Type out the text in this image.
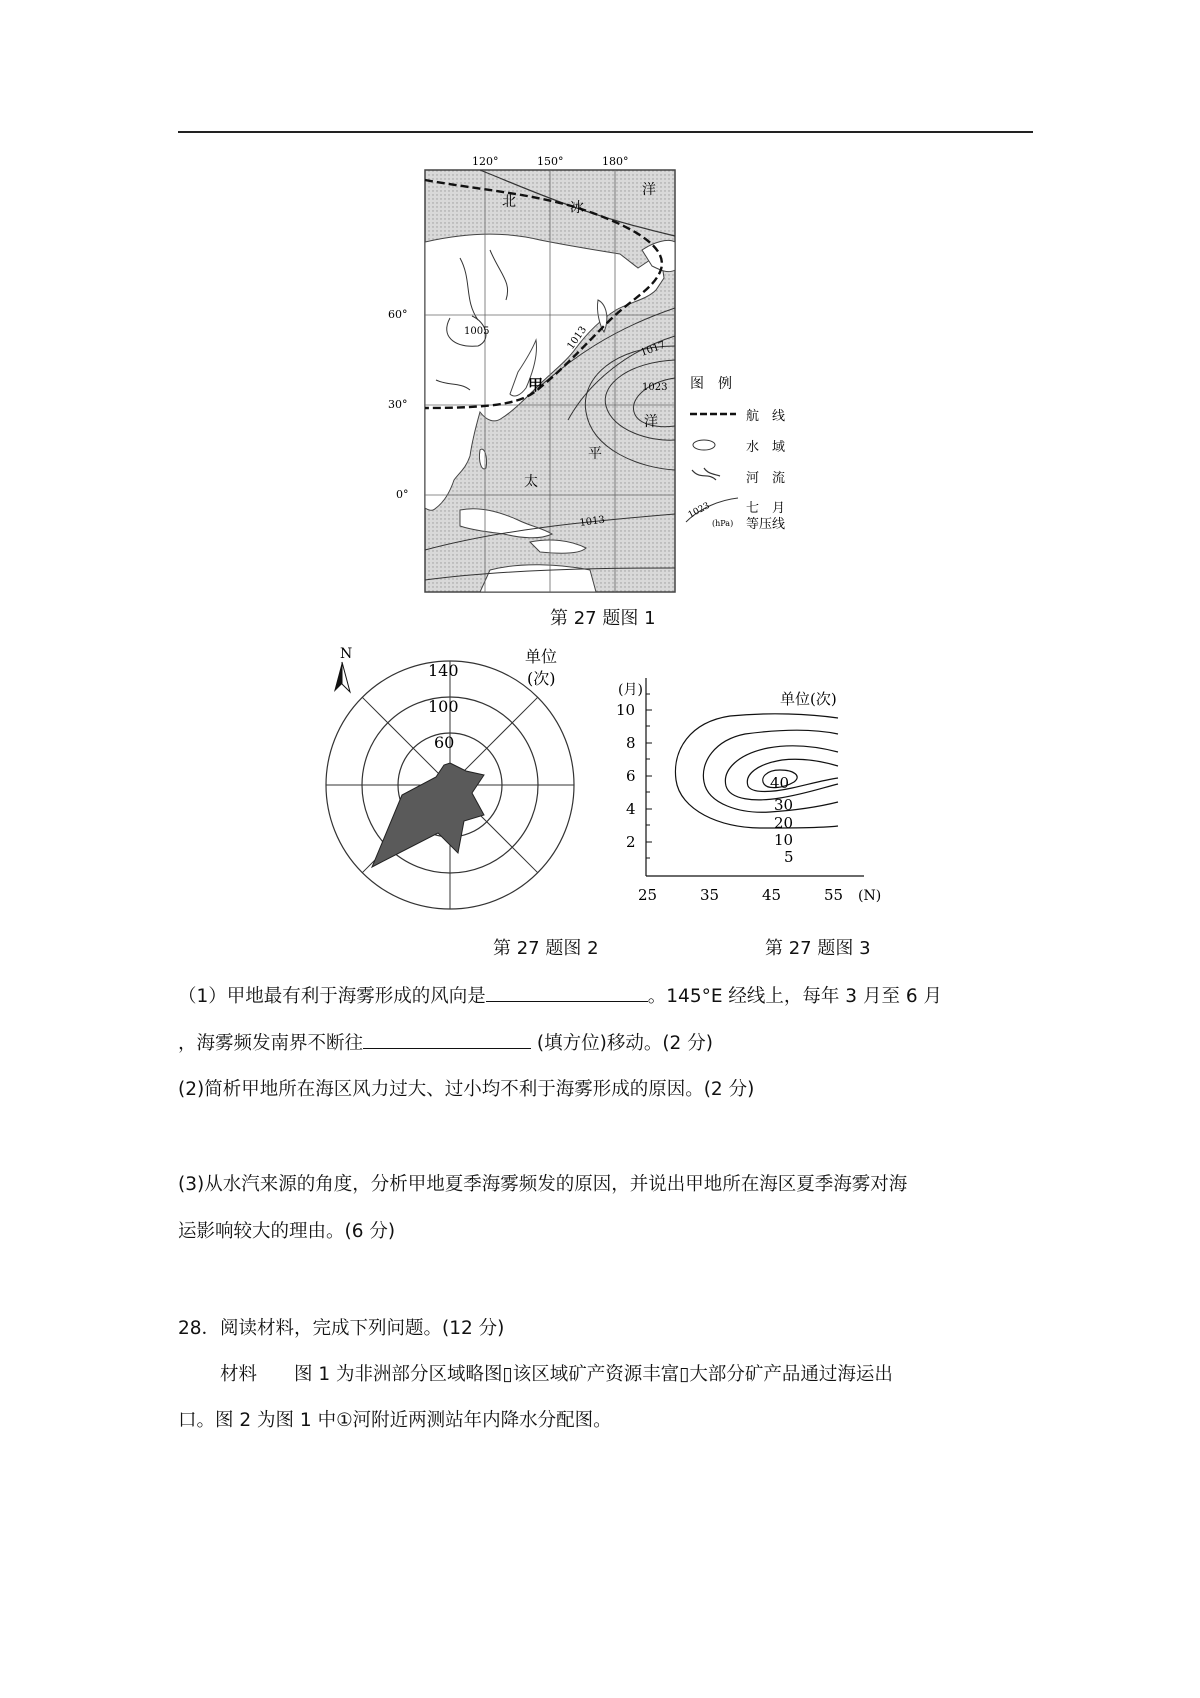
120°	150°	180°
60°
30°
0°
北	冰
洋
洋
平
太
1005	1013	1017
1023
1013
甲	图　例
航　线
水　域
河　流
1023
(hPa)
七　月
等压线
第 27 题图 1
140
100
60
N	单位
(次)
第 27 题图 2
(月)
10
8
6
4
2
25	35	45	55 (N)
单位(次)
40
30
20
10
5
第 27 题图 3
（1）甲地最有利于海雾形成的风向是	。145°E 经线上，每年 3 月至 6 月
，海雾频发南界不断往	(填方位)移动。(2 分)
(2)简析甲地所在海区风力过大、过小均不利于海雾形成的原因。(2 分)
(3)从水汽来源的角度，分析甲地夏季海雾频发的原因，并说出甲地所在海区夏季海雾对海
运影响较大的理由。(6 分)
28．阅读材料，完成下列问题。(12 分)
材料　　图 1 为非洲部分区域略图▯该区域矿产资源丰富▯大部分矿产品通过海运出
口。图 2 为图 1 中①河附近两测站年内降水分配图。
